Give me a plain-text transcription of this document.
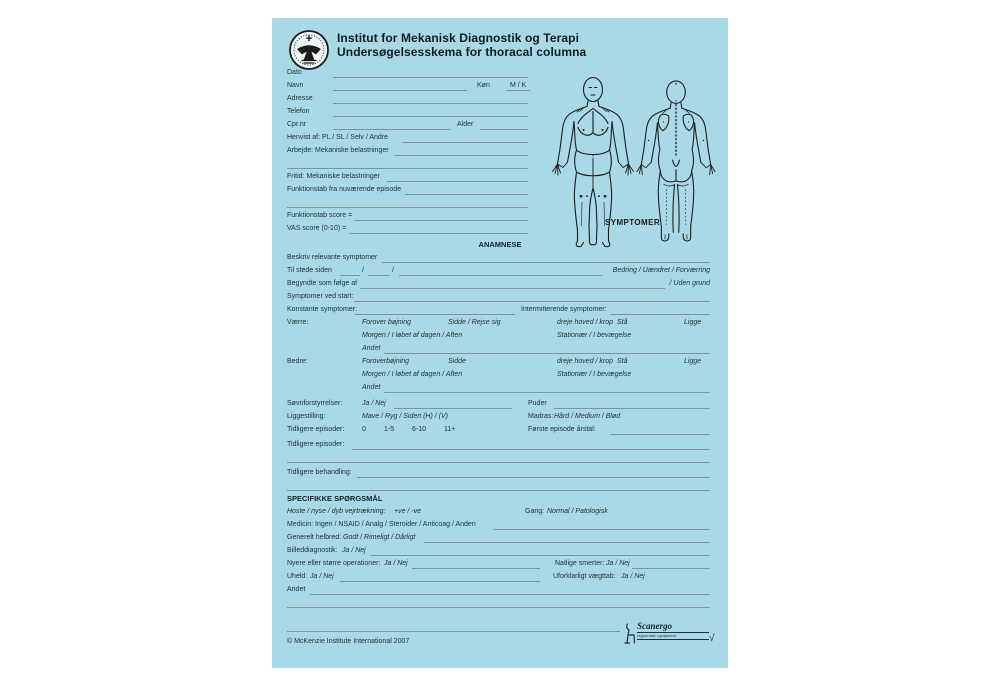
Institut for Mekanisk Diagnostik og Terapi
Undersøgelsesskema for thoracal columna
Dato
Navn	Køn	M / K
Adresse
Telefon
Cpr.nr	Alder
Henvist af: PL / SL / Selv / Andre
Arbejde: Mekaniske belastninger
Fritid: Mekaniske belastninger
Funktionstab fra nuværende episode
Funktionstab score =
VAS score (0-10) =
SYMPTOMER
ANAMNESE
Beskriv relevante symptomer
Til stede siden	/	/	Bedring / Uændret / Forværring
Begyndte som følge af	/ Uden grund
Symptomer ved start:
Konstante symptomer:	Intermitterende symptomer:
Værre:	Forover bøjning	Sidde / Rejse sig	dreje hoved / krop Stå	Ligge
Morgen / I løbet af dagen / Aften	Stationær / I bevægelse
Andet
Bedre:	Foroverbøjning	Sidde	dreje hoved / krop Stå	Ligge
Morgen / I løbet af dagen / Aften	Stationær / I bevægelse
Andet
Søvnforstyrrelser:	Ja / Nej	Puder
Liggestilling:	Mave / Ryg / Siden (H) / (V)	Madras: Hård / Medium / Blød
Tidligere episoder:	0	1-5	6-10	11+	Første episode årstal:
Tidligere episoder:
Tidligere behandling:
SPECIFIKKE SPØRGSMÅL
Hoste / nyse / dyb vejrtrækning: +ve / -ve	Gang: Normal / Patologisk
Medicin: Ingen / NSAID / Analg / Steroider / Anticoag / Anden
Generelt helbred: Godt / Rimeligt / Dårligt
Billeddiagnostik: Ja / Nej
Nyere eller større operationer: Ja / Nej	Natlige smerter: Ja / Nej
Uheld: Ja / Nej	Uforklarligt vægttab: Ja / Nej
Andet
© McKenzie Institute International 2007
Scanergo
ergonomic equipment	√
